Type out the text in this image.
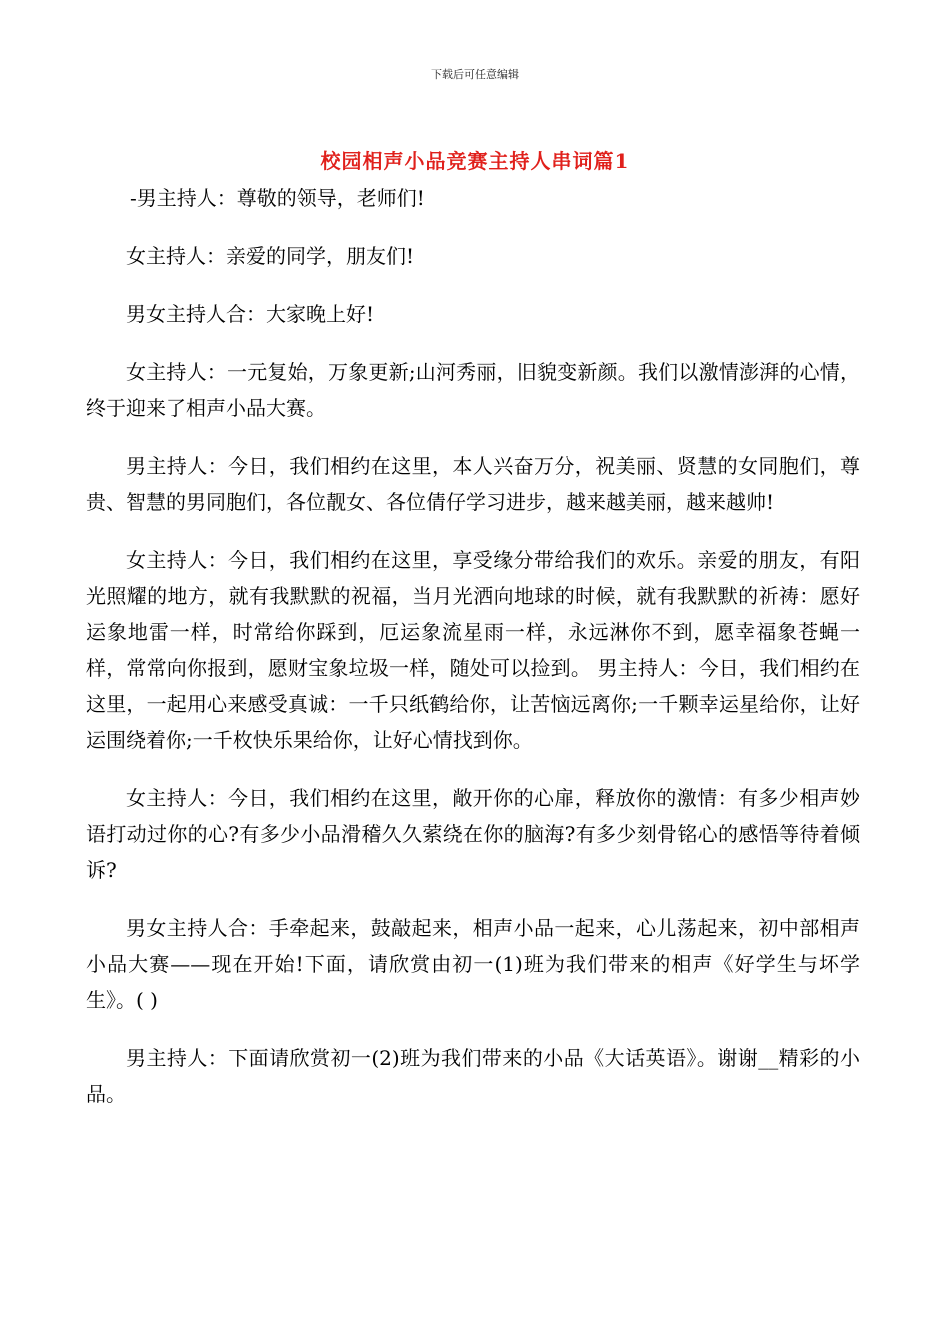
下载后可任意编辑
校园相声小品竞赛主持人串词篇1

-男主持人：尊敬的领导，老师们!

女主持人：亲爱的同学，朋友们!

男女主持人合：大家晚上好!

女主持人：一元复始，万象更新;山河秀丽，旧貌变新颜。我们以激情澎湃的心情，终于迎来了相声小品大赛。

男主持人：今日，我们相约在这里，本人兴奋万分，祝美丽、贤慧的女同胞们，尊贵、智慧的男同胞们，各位靓女、各位倩仔学习进步，越来越美丽，越来越帅!

女主持人：今日，我们相约在这里，享受缘分带给我们的欢乐。亲爱的朋友，有阳光照耀的地方，就有我默默的祝福，当月光洒向地球的时候，就有我默默的祈祷：愿好运象地雷一样，时常给你踩到，厄运象流星雨一样，永远淋你不到，愿幸福象苍蝇一样，常常向你报到，愿财宝象垃圾一样，随处可以捡到。 男主持人：今日，我们相约在这里，一起用心来感受真诚：一千只纸鹤给你，让苦恼远离你;一千颗幸运星给你，让好运围绕着你;一千枚快乐果给你，让好心情找到你。

女主持人：今日，我们相约在这里，敞开你的心扉，释放你的激情：有多少相声妙语打动过你的心?有多少小品滑稽久久萦绕在你的脑海?有多少刻骨铭心的感悟等待着倾诉?

男女主持人合：手牵起来，鼓敲起来，相声小品一起来，心儿荡起来，初中部相声小品大赛——现在开始!下面，请欣赏由初一(1)班为我们带来的相声《好学生与坏学生》。( )

男主持人：下面请欣赏初一(2)班为我们带来的小品《大话英语》。谢谢__精彩的小品。
